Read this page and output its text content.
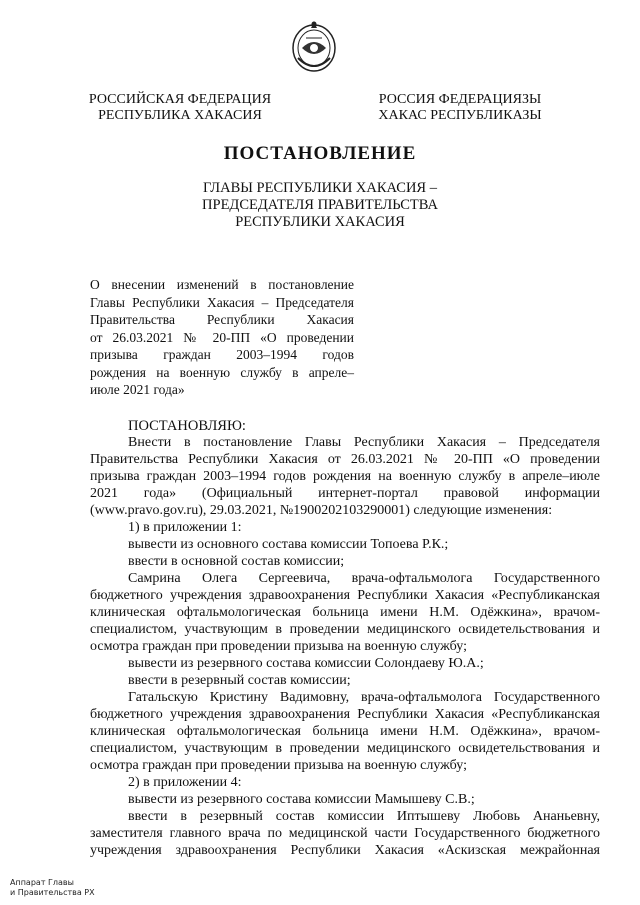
РОССИЙСКАЯ ФЕДЕРАЦИЯ
РЕСПУБЛИКА ХАКАСИЯ
РОССИЯ ФЕДЕРАЦИЯЗЫ
ХАКАС РЕСПУБЛИКАЗЫ
ПОСТАНОВЛЕНИЕ
ГЛАВЫ РЕСПУБЛИКИ ХАКАСИЯ –
ПРЕДСЕДАТЕЛЯ ПРАВИТЕЛЬСТВА
РЕСПУБЛИКИ ХАКАСИЯ
О внесении изменений в постановление
Главы Республики Хакасия – Председателя
Правительства Республики Хакасия
от 26.03.2021 № 20-ПП «О проведении
призыва граждан 2003–1994 годов
рождения на военную службу в апреле–
июле 2021 года»
ПОСТАНОВЛЯЮ:

Внести в постановление Главы Республики Хакасия – Председателя

Правительства Республики Хакасия от 26.03.2021 № 20-ПП «О проведении
призыва граждан 2003–1994 годов рождения на военную службу в апреле–июле
2021 года» (Официальный интернет-портал правовой информации
(www.pravo.gov.ru), 29.03.2021, №1900202103290001) следующие изменения:

1) в приложении 1:

вывести из основного состава комиссии Топоева Р.К.;

ввести в основной состав комиссии;

Самрина Олега Сергеевича, врача-офтальмолога Государственного

бюджетного учреждения здравоохранения Республики Хакасия «Республиканская
клиническая офтальмологическая больница имени Н.М. Одёжкина», врачом-
специалистом, участвующим в проведении медицинского освидетельствования и
осмотра граждан при проведении призыва на военную службу;

вывести из резервного состава комиссии Солондаеву Ю.А.;

ввести в резервный состав комиссии;

Гатальскую Кристину Вадимовну, врача-офтальмолога Государственного

бюджетного учреждения здравоохранения Республики Хакасия «Республиканская
клиническая офтальмологическая больница имени Н.М. Одёжкина», врачом-
специалистом, участвующим в проведении медицинского освидетельствования и
осмотра граждан при проведении призыва на военную службу;

2) в приложении 4:

вывести из резервного состава комиссии Мамышеву С.В.;

ввести в резервный состав комиссии Иптышеву Любовь Ананьевну,

заместителя главного врача по медицинской части Государственного бюджетного
учреждения здравоохранения Республики Хакасия «Аскизская межрайонная

Аппарат Главы
и Правительства РХ
